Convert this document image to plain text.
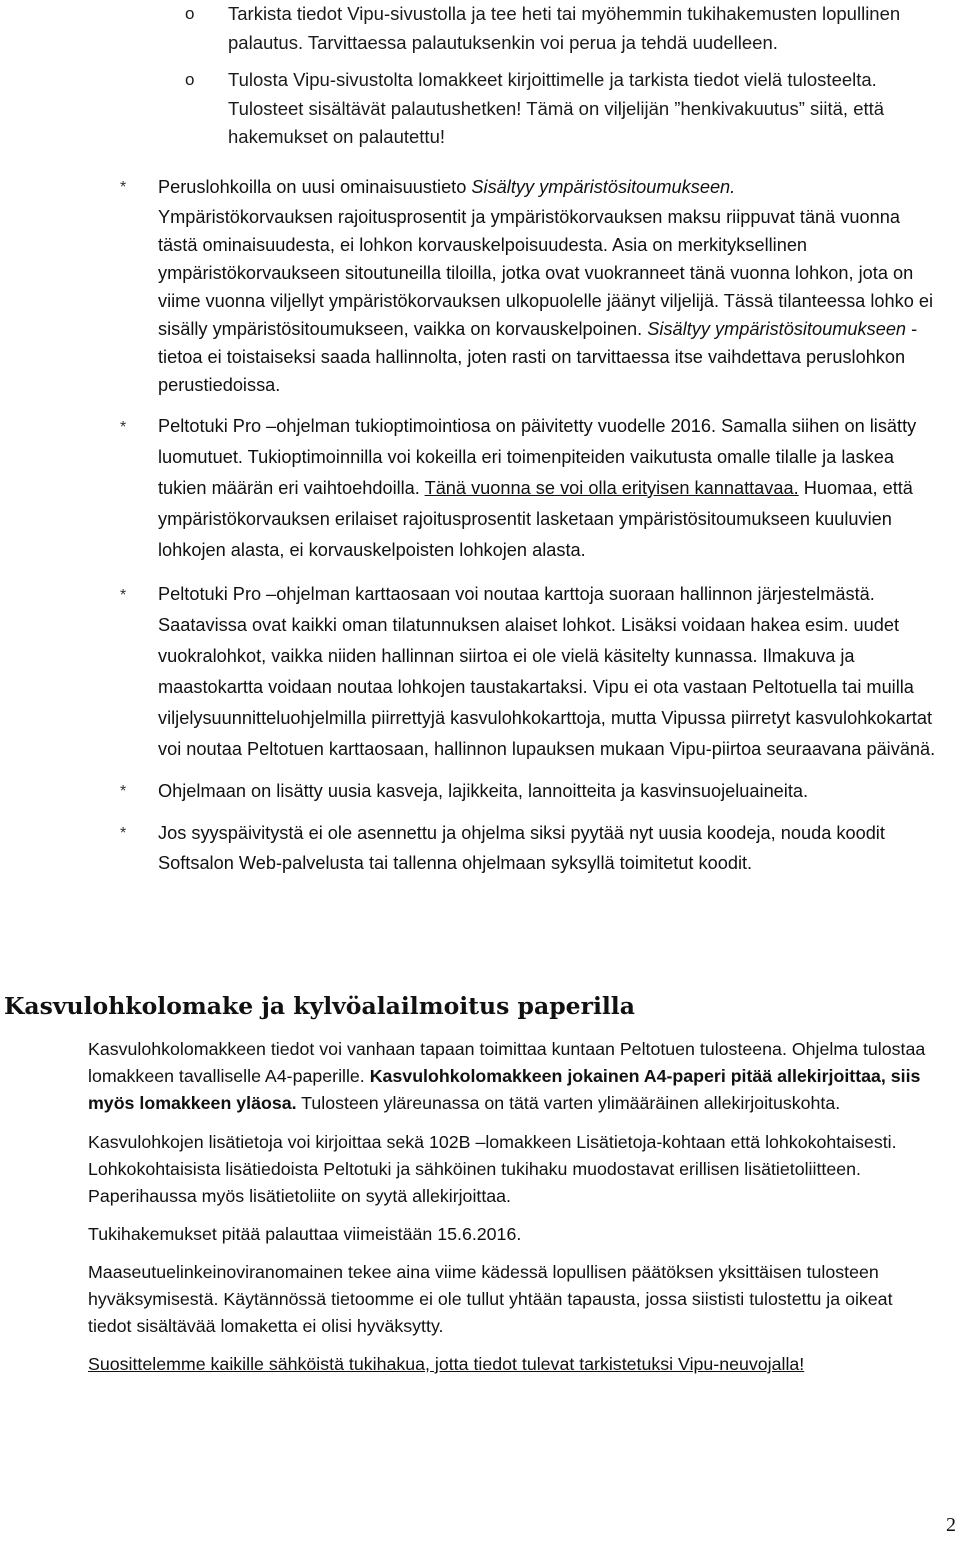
o Tarkista tiedot Vipu-sivustolla ja tee heti tai myöhemmin tukihakemusten lopullinen palautus. Tarvittaessa palautuksenkin voi perua ja tehdä uudelleen.
o Tulosta Vipu-sivustolta lomakkeet kirjoittimelle ja tarkista tiedot vielä tulosteelta. Tulosteet sisältävät palautushetken! Tämä on viljelijän ”henkivakuutus” siitä, että hakemukset on palautettu!
* Peruslohkoilla on uusi ominaisuustieto Sisältyy ympäristösitoumukseen.
Ympäristökorvauksen rajoitusprosentit ja ympäristökorvauksen maksu riippuvat tänä vuonna tästä ominaisuudesta, ei lohkon korvauskelpoisuudesta. Asia on merkityksellinen ympäristökorvaukseen sitoutuneilla tiloilla, jotka ovat vuokranneet tänä vuonna lohkon, jota on viime vuonna viljellyt ympäristökorvauksen ulkopuolelle jäänyt viljelijä. Tässä tilanteessa lohko ei sisälly ympäristösitoumukseen, vaikka on korvauskelpoinen. Sisältyy ympäristösitoumukseen -tietoa ei toistaiseksi saada hallinnolta, joten rasti on tarvittaessa itse vaihdettava peruslohkon perustiedoissa.
* Peltotuki Pro –ohjelman tukioptimointiosa on päivitetty vuodelle 2016. Samalla siihen on lisätty luomutuet. Tukioptimoinnilla voi kokeilla eri toimenpiteiden vaikutusta omalle tilalle ja laskea tukien määrän eri vaihtoehdoilla. Tänä vuonna se voi olla erityisen kannattavaa. Huomaa, että ympäristökorvauksen erilaiset rajoitusprosentit lasketaan ympäristösitoumukseen kuuluvien lohkojen alasta, ei korvauskelpoisten lohkojen alasta.
* Peltotuki Pro –ohjelman karttaosaan voi noutaa karttoja suoraan hallinnon järjestelmästä. Saatavissa ovat kaikki oman tilatunnuksen alaiset lohkot. Lisäksi voidaan hakea esim. uudet vuokralohkot, vaikka niiden hallinnan siirtoa ei ole vielä käsitelty kunnassa. Ilmakuva ja maastokartta voidaan noutaa lohkojen taustakartaksi. Vipu ei ota vastaan Peltotuella tai muilla viljelysuunnitteluohjelmilla piirrettyjä kasvulohkokarttoja, mutta Vipussa piirretyt kasvulohkokartat voi noutaa Peltotuen karttaosaan, hallinnon lupauksen mukaan Vipu-piirtoa seuraavana päivänä.
* Ohjelmaan on lisätty uusia kasveja, lajikkeita, lannoitteita ja kasvinsuojeluaineita.
* Jos syyspäivitystä ei ole asennettu ja ohjelma siksi pyytää nyt uusia koodeja, nouda koodit Softsalon Web-palvelusta tai tallenna ohjelmaan syksyllä toimitetut koodit.
Kasvulohkolomake ja kylvöalailmoitus paperilla

Kasvulohkolomakkeen tiedot voi vanhaan tapaan toimittaa kuntaan Peltotuen tulosteena. Ohjelma tulostaa lomakkeen tavalliselle A4-paperille. Kasvulohkolomakkeen jokainen A4-paperi pitää allekirjoittaa, siis myös lomakkeen yläosa. Tulosteen yläreunassa on tätä varten ylimääräinen allekirjoituskohta.

Kasvulohkojen lisätietoja voi kirjoittaa sekä 102B –lomakkeen Lisätietoja-kohtaan että lohkokohtaisesti. Lohkokohtaisista lisätiedoista Peltotuki ja sähköinen tukihaku muodostavat erillisen lisätietoliitteen. Paperihaussa myös lisätietoliite on syytä allekirjoittaa.

Tukihakemukset pitää palauttaa viimeistään 15.6.2016.

Maaseutuelinkeinoviranomainen tekee aina viime kädessä lopullisen päätöksen yksittäisen tulosteen hyväksymisestä. Käytännössä tietoomme ei ole tullut yhtään tapausta, jossa siististi tulostettu ja oikeat tiedot sisältävää lomaketta ei olisi hyväksytty.

Suosittelemme kaikille sähköistä tukihakua, jotta tiedot tulevat tarkistetuksi Vipu-neuvojalla!

2
